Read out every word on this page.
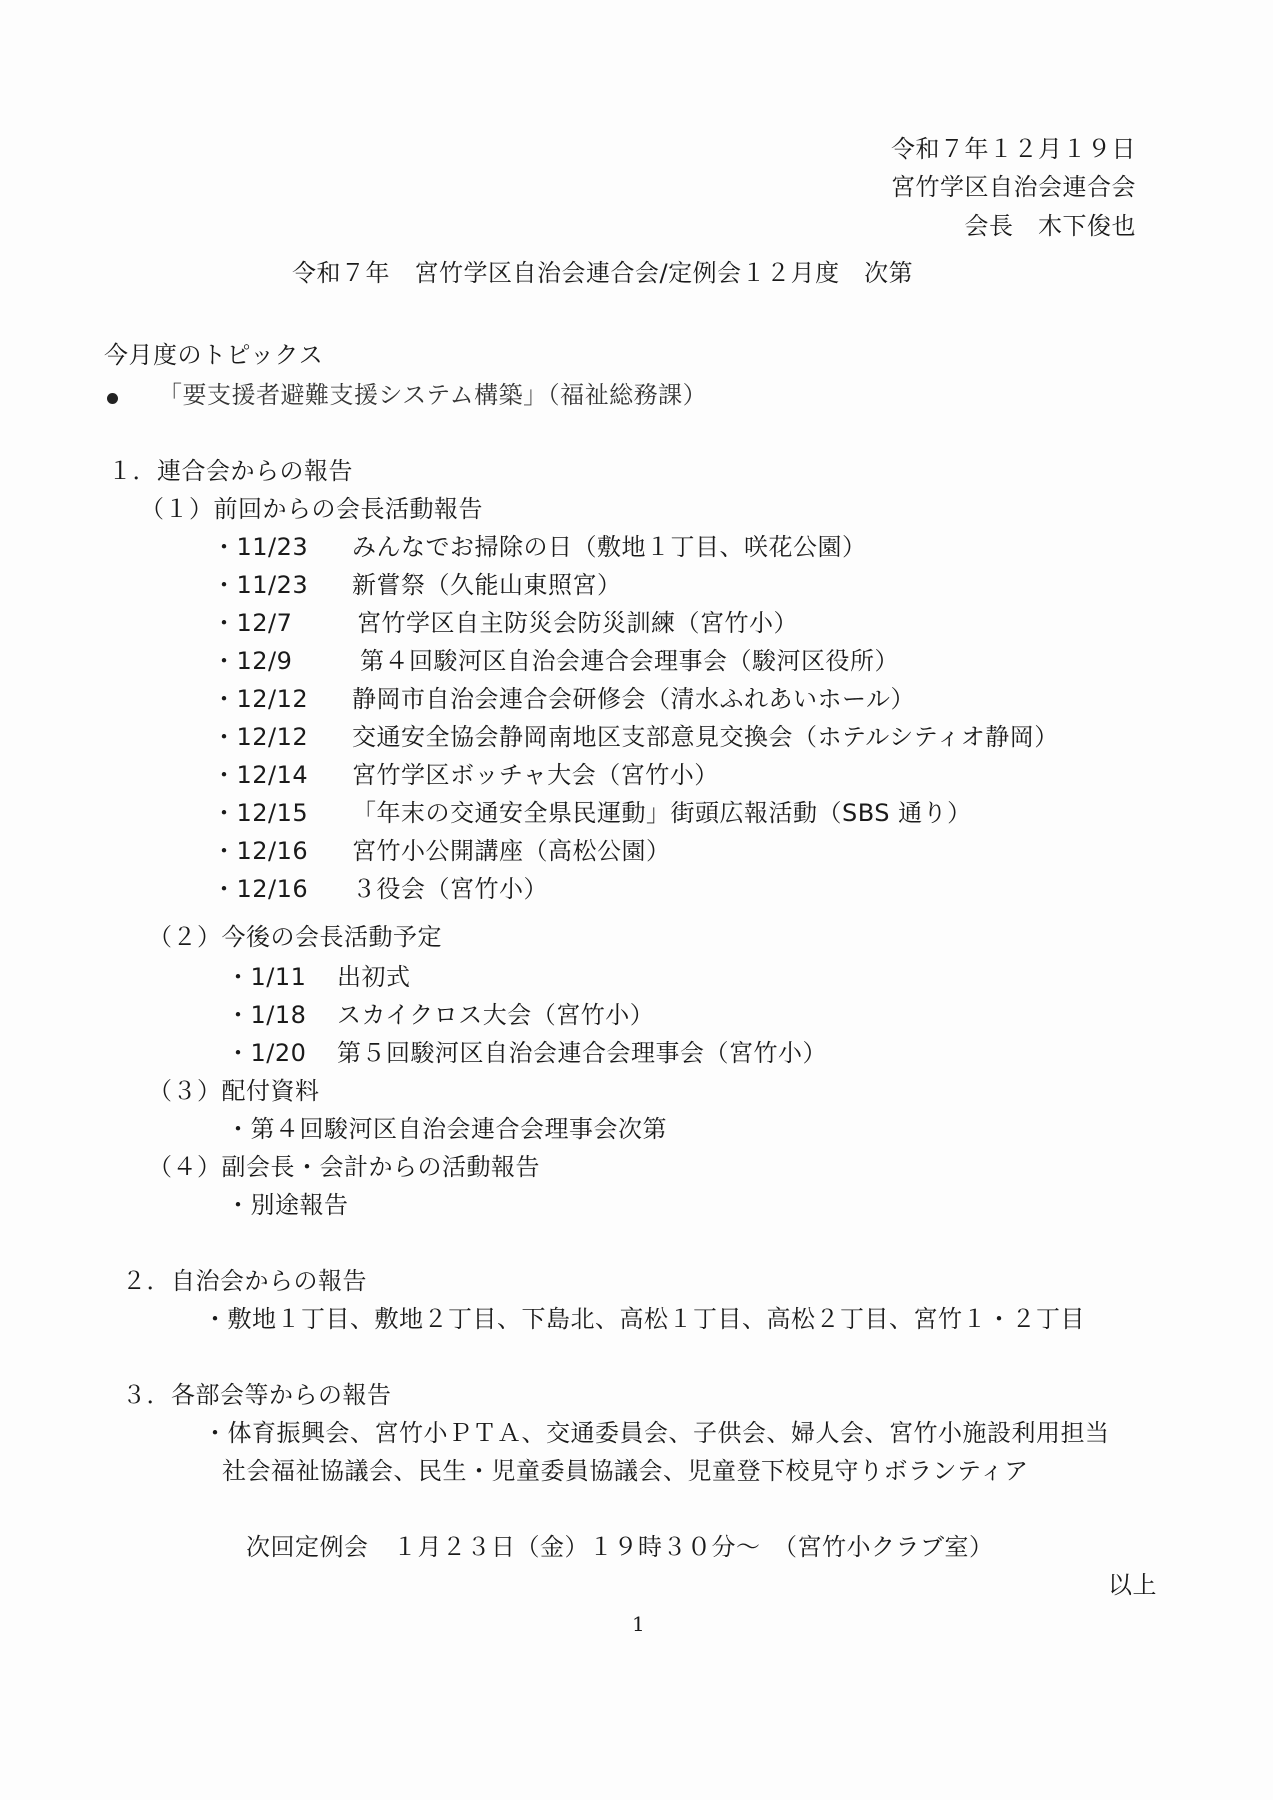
令和７年１２月１９日
宮竹学区自治会連合会
会長　木下俊也
令和７年　宮竹学区自治会連合会/定例会１２月度　次第
今月度のトピックス
「要支援者避難支援システム構築」（福祉総務課）
１．連合会からの報告
（１）前回からの会長活動報告
・11/23 みんなでお掃除の日（敷地１丁目、咲花公園）
・11/23 新嘗祭（久能山東照宮）
・12/7	宮竹学区自主防災会防災訓練（宮竹小）
・12/9	第４回駿河区自治会連合会理事会（駿河区役所）
・12/12 静岡市自治会連合会研修会（清水ふれあいホール）
・12/12 交通安全協会静岡南地区支部意見交換会（ホテルシティオ静岡）
・12/14 宮竹学区ボッチャ大会（宮竹小）
・12/15 「年末の交通安全県民運動」街頭広報活動（SBS 通り）
・12/16 宮竹小公開講座（高松公園）
・12/16 ３役会（宮竹小）
（２）今後の会長活動予定
・1/11 出初式
・1/18 スカイクロス大会（宮竹小）
・1/20 第５回駿河区自治会連合会理事会（宮竹小）
（３）配付資料
・第４回駿河区自治会連合会理事会次第
（４）副会長・会計からの活動報告
・別途報告
２．自治会からの報告
・敷地１丁目、敷地２丁目、下島北、高松１丁目、高松２丁目、宮竹１・２丁目
３．各部会等からの報告
・体育振興会、宮竹小ＰＴＡ、交通委員会、子供会、婦人会、宮竹小施設利用担当
社会福祉協議会、民生・児童委員協議会、児童登下校見守りボランティア
次回定例会　１月２３日（金）１９時３０分～　（宮竹小クラブ室）
以上
1
